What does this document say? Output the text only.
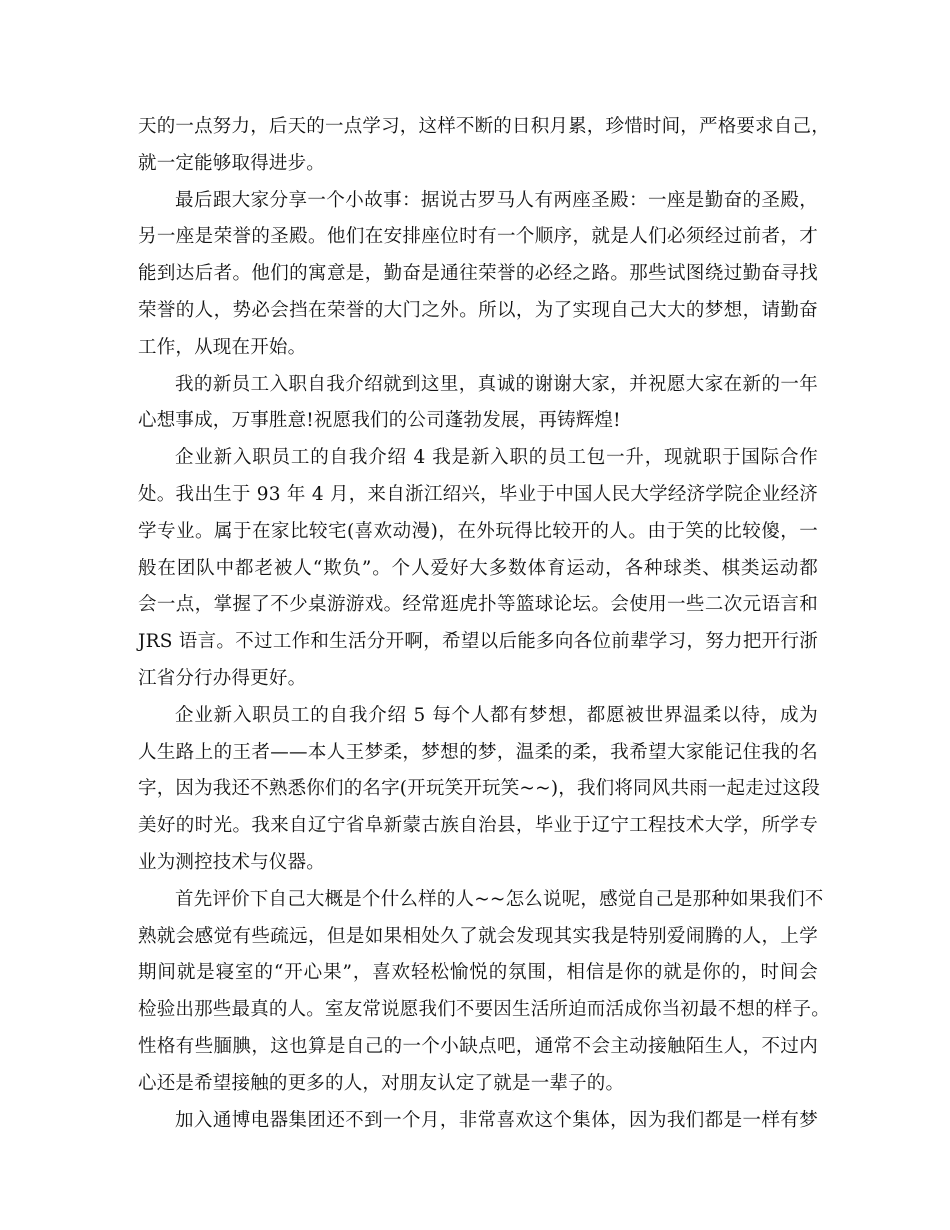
天的一点努力，后天的一点学习，这样不断的日积月累，珍惜时间，严格要求自己，
就一定能够取得进步。
最后跟大家分享一个小故事：据说古罗马人有两座圣殿：一座是勤奋的圣殿，
另一座是荣誉的圣殿。他们在安排座位时有一个顺序，就是人们必须经过前者，才
能到达后者。他们的寓意是，勤奋是通往荣誉的必经之路。那些试图绕过勤奋寻找
荣誉的人，势必会挡在荣誉的大门之外。所以，为了实现自己大大的梦想，请勤奋
工作，从现在开始。
我的新员工入职自我介绍就到这里，真诚的谢谢大家，并祝愿大家在新的一年
心想事成，万事胜意!祝愿我们的公司蓬勃发展，再铸辉煌!
企业新入职员工的自我介绍 4 我是新入职的员工包一升，现就职于国际合作
处。我出生于 93 年 4 月，来自浙江绍兴，毕业于中国人民大学经济学院企业经济
学专业。属于在家比较宅(喜欢动漫)，在外玩得比较开的人。由于笑的比较傻，一
般在团队中都老被人“欺负”。个人爱好大多数体育运动，各种球类、棋类运动都
会一点，掌握了不少桌游游戏。经常逛虎扑等篮球论坛。会使用一些二次元语言和
JRS 语言。不过工作和生活分开啊，希望以后能多向各位前辈学习，努力把开行浙
江省分行办得更好。
企业新入职员工的自我介绍 5 每个人都有梦想，都愿被世界温柔以待，成为
人生路上的王者——本人王梦柔，梦想的梦，温柔的柔，我希望大家能记住我的名
字，因为我还不熟悉你们的名字(开玩笑开玩笑~~)，我们将同风共雨一起走过这段
美好的时光。我来自辽宁省阜新蒙古族自治县，毕业于辽宁工程技术大学，所学专
业为测控技术与仪器。
首先评价下自己大概是个什么样的人~~怎么说呢，感觉自己是那种如果我们不
熟就会感觉有些疏远，但是如果相处久了就会发现其实我是特别爱闹腾的人，上学
期间就是寝室的“开心果”，喜欢轻松愉悦的氛围，相信是你的就是你的，时间会
检验出那些最真的人。室友常说愿我们不要因生活所迫而活成你当初最不想的样子。
性格有些腼腆，这也算是自己的一个小缺点吧，通常不会主动接触陌生人，不过内
心还是希望接触的更多的人，对朋友认定了就是一辈子的。
加入通博电器集团还不到一个月，非常喜欢这个集体，因为我们都是一样有梦
